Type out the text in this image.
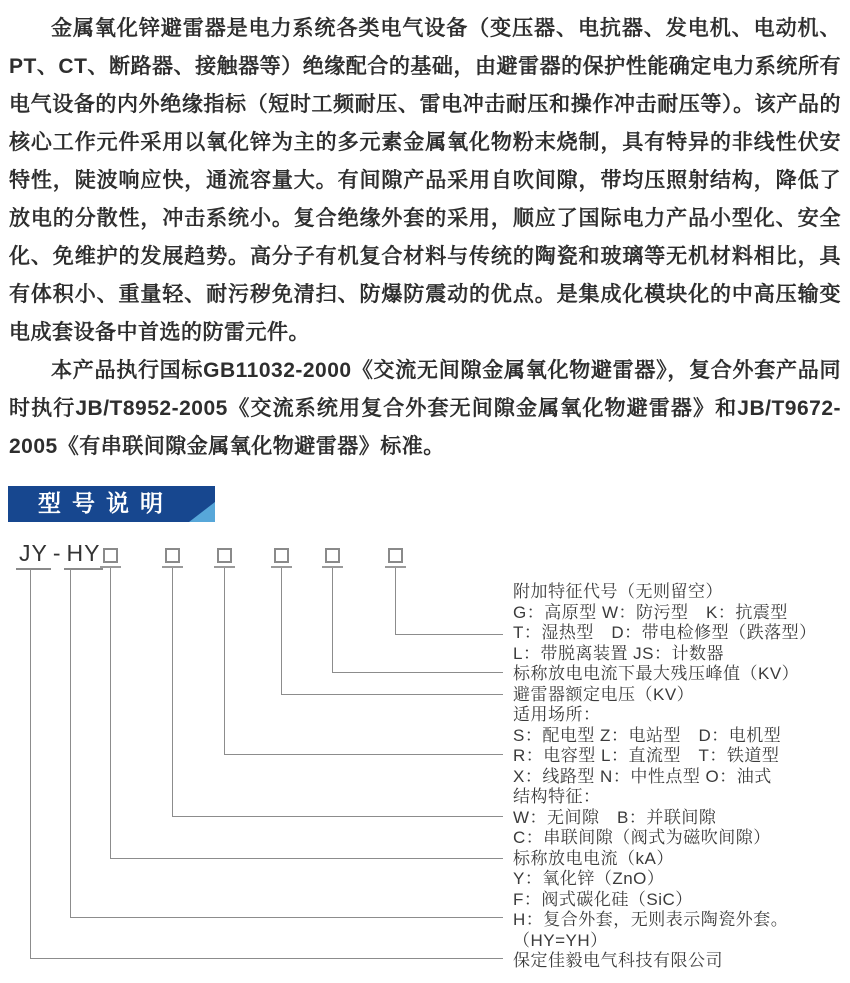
金属氧化锌避雷器是电力系统各类电气设备（变压器、电抗器、发电机、电动机、PT、CT、断路器、接触器等）绝缘配合的基础，由避雷器的保护性能确定电力系统所有电气设备的内外绝缘指标（短时工频耐压、雷电冲击耐压和操作冲击耐压等）。该产品的核心工作元件采用以氧化锌为主的多元素金属氧化物粉末烧制，具有特异的非线性伏安特性，陡波响应快，通流容量大。有间隙产品采用自吹间隙，带均压照射结构，降低了放电的分散性，冲击系统小。复合绝缘外套的采用，顺应了国际电力产品小型化、安全化、免维护的发展趋势。高分子有机复合材料与传统的陶瓷和玻璃等无机材料相比，具有体积小、重量轻、耐污秽免清扫、防爆防震动的优点。是集成化模块化的中高压输变电成套设备中首选的防雷元件。

本产品执行国标GB11032-2000《交流无间隙金属氧化物避雷器》，复合外套产品同时执行JB/T8952-2005《交流系统用复合外套无间隙金属氧化物避雷器》和JB/T9672-2005《有串联间隙金属氧化物避雷器》标准。

型号说明
JY - HY
附加特征代号（无则留空）
G：高原型 W：防污型　K：抗震型
T：湿热型　D：带电检修型（跌落型）
L：带脱离装置 JS：计数器
标称放电电流下最大残压峰值（KV）
避雷器额定电压（KV）
适用场所：
S：配电型 Z：电站型　D：电机型
R：电容型 L：直流型　T：铁道型
X：线路型 N：中性点型 O：油式
结构特征：
W：无间隙　B：并联间隙
C：串联间隙（阀式为磁吹间隙）
标称放电电流（kA）
Y：氧化锌（ZnO）
F：阀式碳化硅（SiC）
H：复合外套，无则表示陶瓷外套。
（HY=YH）
保定佳毅电气科技有限公司
